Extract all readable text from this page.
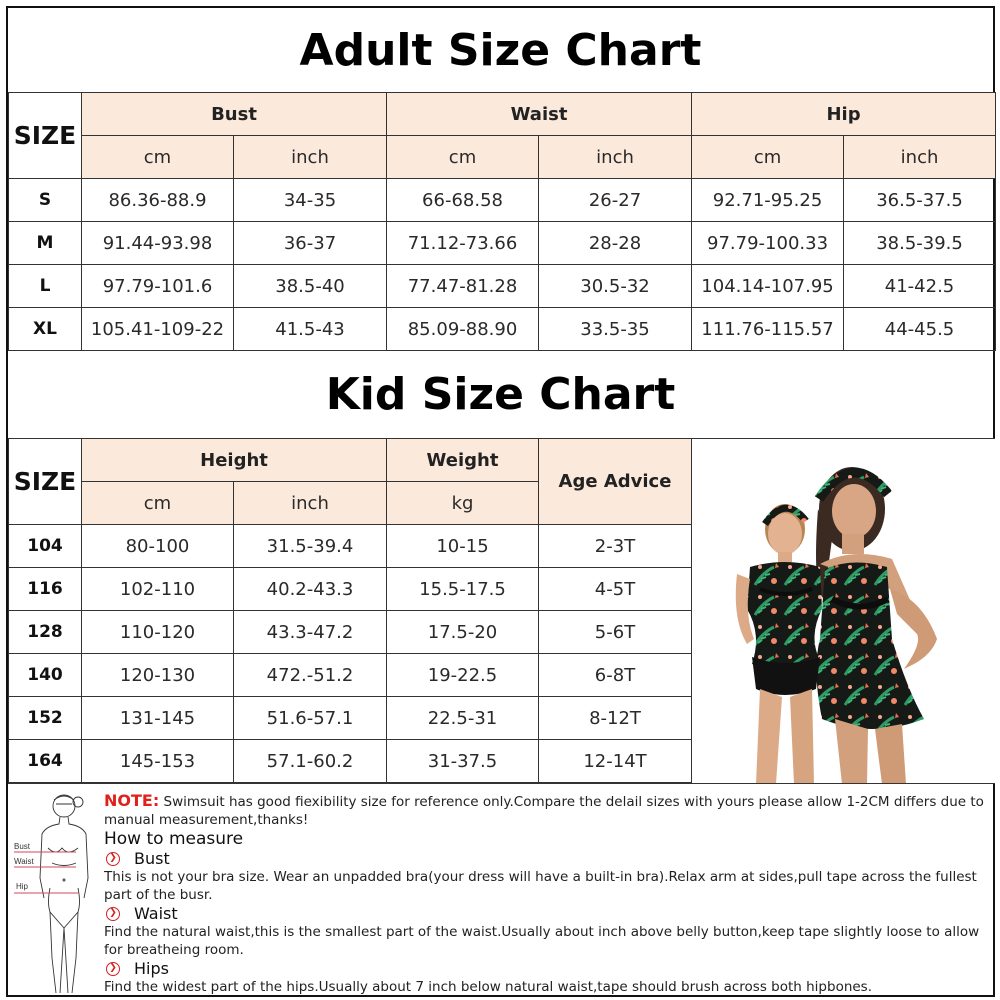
Adult Size Chart
SIZE	Bust		Waist		Hip	
	cm	inch	cm	inch	cm	inch
S	86.36-88.9	34-35	66-68.58	26-27	92.71-95.25	36.5-37.5
M	91.44-93.98	36-37	71.12-73.66	28-28	97.79-100.33	38.5-39.5
L	97.79-101.6	38.5-40	77.47-81.28	30.5-32	104.14-107.95	41-42.5
XL	105.41-109-22	41.5-43	85.09-88.90	33.5-35	111.76-115.57	44-45.5
Kid Size Chart
SIZE	Height		Weight	Age Advice
	cm	inch	kg	
104	80-100	31.5-39.4	10-15	2-3T
116	102-110	40.2-43.3	15.5-17.5	4-5T
128	110-120	43.3-47.2	17.5-20	5-6T
140	120-130	472.-51.2	19-22.5	6-8T
152	131-145	51.6-57.1	22.5-31	8-12T
164	145-153	57.1-60.2	31-37.5	12-14T
Bust
Waist
Hip
NOTE: Swimsuit has good fiexibility size for reference only.Compare the delail sizes with yours please allow 1-2CM differs due to manual measurement,thanks!
How to measure
❯ Bust
This is not your bra size. Wear an unpadded bra(your dress will have a built-in bra).Relax arm at sides,pull tape across the fullest part of the busr.
❯ Waist
Find the natural waist,this is the smallest part of the waist.Usually about inch above belly button,keep tape slightly loose to allow for breatheing room.
❯ Hips
Find the widest part of the hips.Usually about 7 inch below natural waist,tape should brush across both hipbones.
